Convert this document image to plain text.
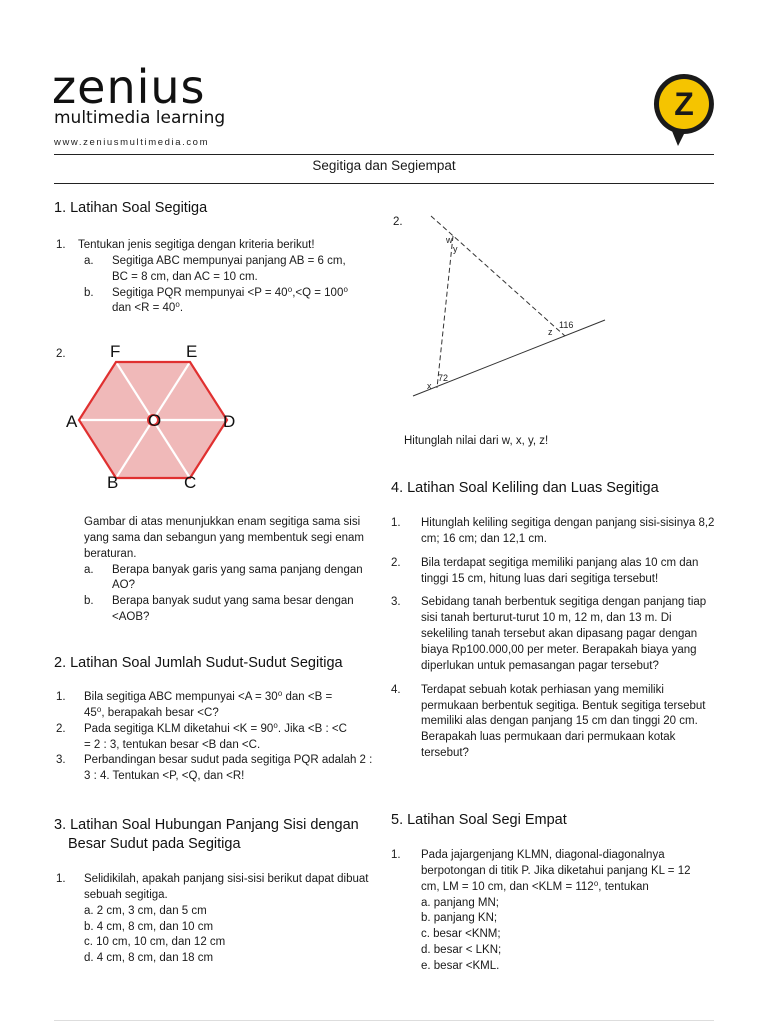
zenius
multimedia learning
www.zeniusmultimedia.com
Z
Segitiga dan Segiempat
1. Latihan Soal Segitiga
1. Tentukan jenis segitiga dengan kriteria berikut!
a. Segitiga ABC mempunyai panjang AB = 6 cm,
BC = 8 cm, dan AC = 10 cm.
b. Segitiga PQR mempunyai <P = 40⁰,<Q = 100⁰
dan <R = 40⁰.
2.	F	E
A	O	D
B	C
Gambar di atas menunjukkan enam segitiga sama sisi
yang sama dan sebangun yang membentuk segi enam
beraturan.
a. Berapa banyak garis yang sama panjang dengan
AO?
b. Berapa banyak sudut yang sama besar dengan
<AOB?
2. Latihan Soal Jumlah Sudut-Sudut Segitiga
1. Bila segitiga ABC mempunyai <A = 30⁰ dan <B =
45⁰, berapakah besar <C?
2. Pada segitiga KLM diketahui <K = 90⁰. Jika <B : <C
= 2 : 3, tentukan besar <B dan <C.
3. Perbandingan besar sudut pada segitiga PQR adalah 2 :
3 : 4. Tentukan <P, <Q, dan <R!
3. Latihan Soal Hubungan Panjang Sisi dengan
Besar Sudut pada Segitiga
1. Selidikilah, apakah panjang sisi-sisi berikut dapat dibuat
sebuah segitiga.
a. 2 cm, 3 cm, dan 5 cm
b. 4 cm, 8 cm, dan 10 cm
c. 10 cm, 10 cm, dan 12 cm
d. 4 cm, 8 cm, dan 18 cm
2.
w
y
z
116
x
72
Hitunglah nilai dari w, x, y, z!
4. Latihan Soal Keliling dan Luas Segitiga
1. Hitunglah keliling segitiga dengan panjang sisi-sisinya 8,2
cm; 16 cm; dan 12,1 cm.
2. Bila terdapat segitiga memiliki panjang alas 10 cm dan
tinggi 15 cm, hitung luas dari segitiga tersebut!
3. Sebidang tanah berbentuk segitiga dengan panjang tiap
sisi tanah berturut-turut 10 m, 12 m, dan 13 m. Di
sekeliling tanah tersebut akan dipasang pagar dengan
biaya Rp100.000,00 per meter. Berapakah biaya yang
diperlukan untuk pemasangan pagar tersebut?
4. Terdapat sebuah kotak perhiasan yang memiliki
permukaan berbentuk segitiga. Bentuk segitiga tersebut
memiliki alas dengan panjang 15 cm dan tinggi 20 cm.
Berapakah luas permukaan dari permukaan kotak
tersebut?
5. Latihan Soal Segi Empat
1. Pada jajargenjang KLMN, diagonal-diagonalnya
berpotongan di titik P. Jika diketahui panjang KL = 12
cm, LM = 10 cm, dan <KLM = 112⁰, tentukan
a. panjang MN;
b. panjang KN;
c. besar <KNM;
d. besar < LKN;
e. besar <KML.
